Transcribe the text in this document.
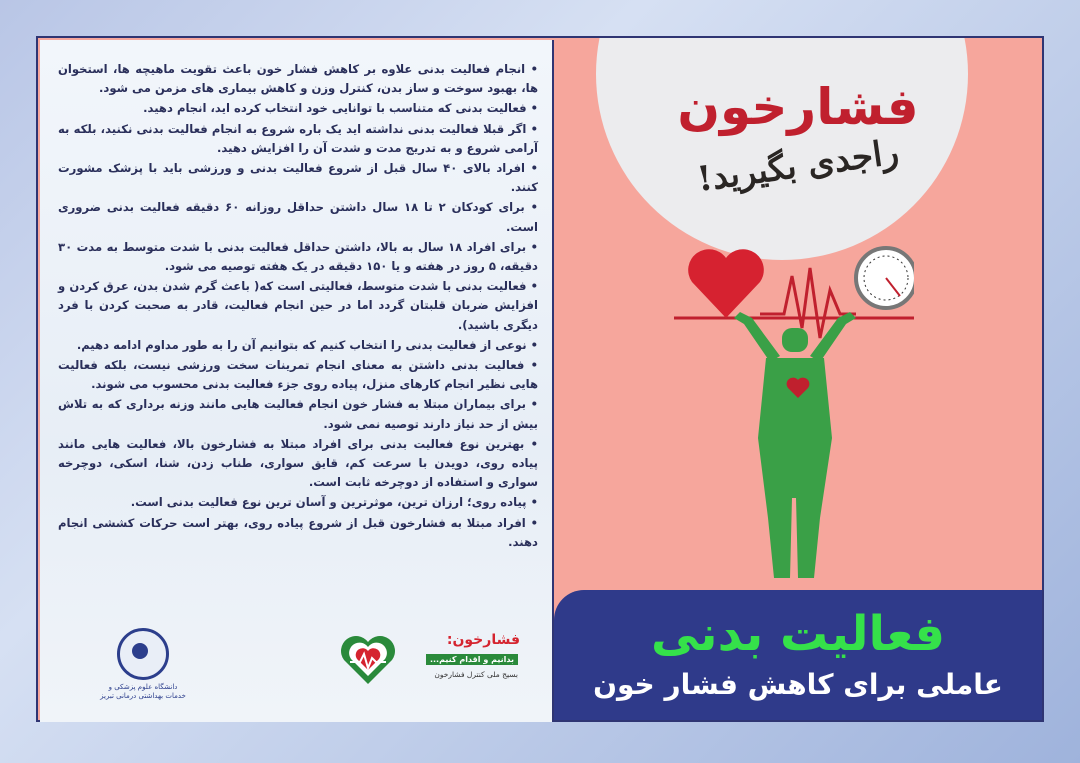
• انجام فعالیت بدنی علاوه بر کاهش فشار خون باعث تقویت ماهیچه ها، استخوان ها، بهبود سوخت و ساز بدن، کنترل وزن و کاهش بیماری های مزمن می شود.

• فعالیت بدنی که متناسب با توانایی خود انتخاب کرده اید، انجام دهید.

• اگر قبلا فعالیت بدنی نداشته اید یک باره شروع به انجام فعالیت بدنی نکنید، بلکه به آرامی شروع و به تدریج مدت و شدت آن را افزایش دهید.

• افراد بالای ۴۰ سال قبل از شروع فعالیت بدنی و ورزشی باید با پزشک مشورت کنند.

• برای کودکان ۲ تا ۱۸ سال داشتن حداقل روزانه ۶۰ دقیقه فعالیت بدنی ضروری است.

• برای افراد ۱۸ سال به بالا، داشتن حداقل فعالیت بدنی با شدت متوسط به مدت ۳۰ دقیقه، ۵ روز در هفته و یا ۱۵۰ دقیقه در یک هفته توصیه می شود.

• فعالیت بدنی با شدت متوسط، فعالیتی است که( باعث گرم شدن بدن، عرق کردن و افزایش ضربان قلبتان گردد اما در حین انجام فعالیت، قادر به صحبت کردن با فرد دیگری باشید).

• نوعی از فعالیت بدنی را انتخاب کنیم که بتوانیم آن را به طور مداوم ادامه دهیم.

• فعالیت بدنی داشتن به معنای انجام تمرینات سخت ورزشی نیست، بلکه فعالیت هایی نظیر انجام کارهای منزل، پیاده روی جزء فعالیت بدنی محسوب می شوند.

• برای بیماران مبتلا به فشار خون انجام فعالیت هایی مانند وزنه برداری که به تلاش بیش از حد نیاز دارند توصیه نمی شود.

• بهترین نوع فعالیت بدنی برای افراد مبتلا به فشارخون بالا، فعالیت هایی مانند پیاده روی، دویدن با سرعت کم، قایق سواری، طناب زدن، شنا، اسکی، دوچرخه سواری و استفاده از دوچرخه ثابت است.

• پیاده روی؛ ارزان ترین، موثرترین و آسان ترین نوع فعالیت بدنی است.

• افراد مبتلا به فشارخون قبل از شروع پیاده روی، بهتر است حرکات کششی انجام دهند.

دانشگاه علوم پزشکی و خدمات بهداشتی درمانی تبریز
فشارخون:
بدانیم و اقدام کنیم...
بسیج ملی کنترل فشارخون
فشارخون
راجدی بگیرید!
فعالیت بدنی
عاملی برای کاهش فشار خون
